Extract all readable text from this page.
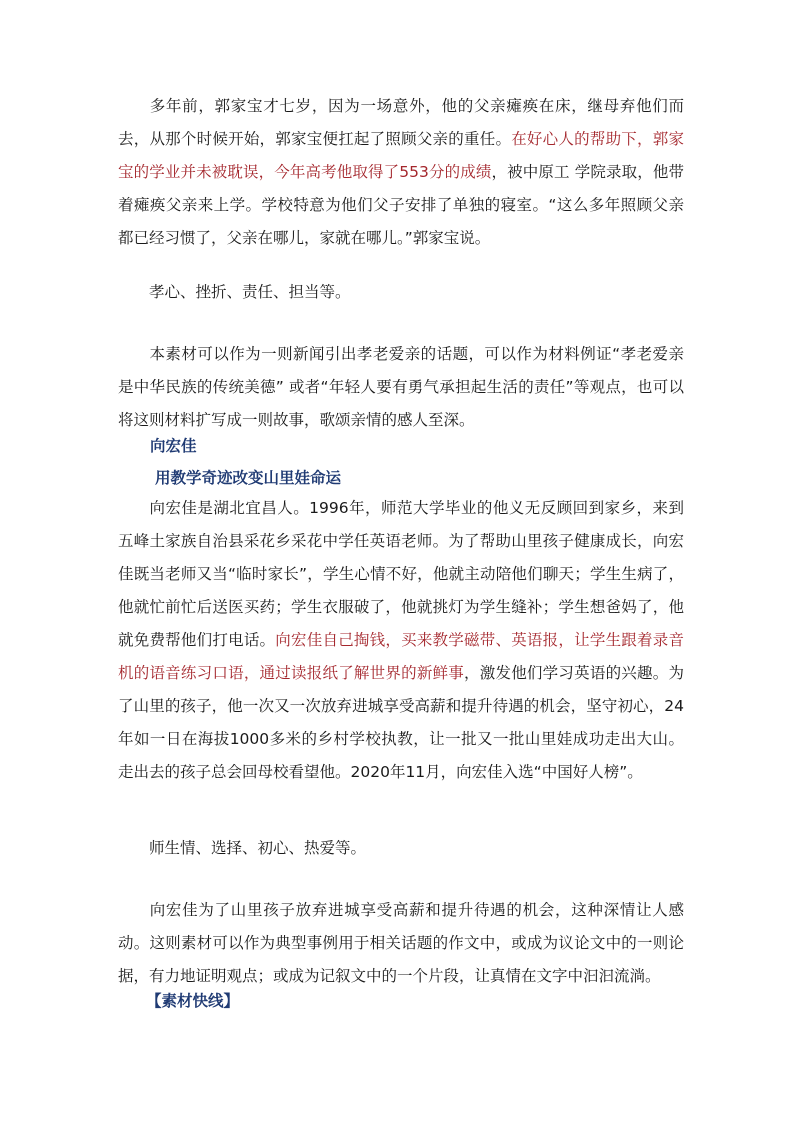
多年前，郭家宝才七岁，因为一场意外，他的父亲瘫痪在床，继母弃他们而去，从那个时候开始，郭家宝便扛起了照顾父亲的重任。在好心人的帮助下，郭家宝的学业并未被耽误，今年高考他取得了553分的成绩，被中原工 学院录取，他带着瘫痪父亲来上学。学校特意为他们父子安排了单独的寝室。“这么多年照顾父亲都已经习惯了，父亲在哪儿，家就在哪儿。”郭家宝说。

孝心、挫折、责任、担当等。

本素材可以作为一则新闻引出孝老爱亲的话题，可以作为材料例证“孝老爱亲是中华民族的传统美德” 或者“年轻人要有勇气承担起生活的责任”等观点，也可以将这则材料扩写成一则故事，歌颂亲情的感人至深。

向宏佳

用教学奇迹改变山里娃命运

向宏佳是湖北宜昌人。1996年，师范大学毕业的他义无反顾回到家乡，来到五峰土家族自治县采花乡采花中学任英语老师。为了帮助山里孩子健康成长，向宏佳既当老师又当“临时家长”，学生心情不好，他就主动陪他们聊天；学生生病了，他就忙前忙后送医买药；学生衣服破了，他就挑灯为学生缝补；学生想爸妈了，他就免费帮他们打电话。向宏佳自己掏钱，买来教学磁带、英语报，让学生跟着录音机的语音练习口语，通过读报纸了解世界的新鲜事，激发他们学习英语的兴趣。为了山里的孩子，他一次又一次放弃进城享受高薪和提升待遇的机会，坚守初心，24年如一日在海拔1000多米的乡村学校执教，让一批又一批山里娃成功走出大山。走出去的孩子总会回母校看望他。2020年11月，向宏佳入选“中国好人榜”。

师生情、选择、初心、热爱等。

向宏佳为了山里孩子放弃进城享受高薪和提升待遇的机会，这种深情让人感动。这则素材可以作为典型事例用于相关话题的作文中，或成为议论文中的一则论据，有力地证明观点；或成为记叙文中的一个片段，让真情在文字中汩汩流淌。

【素材快线】
